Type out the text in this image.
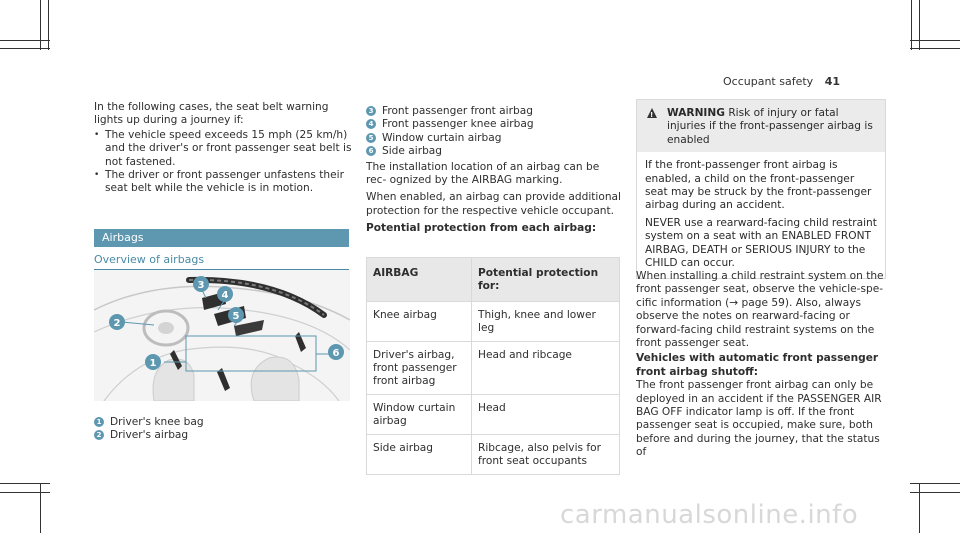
Occupant safety 41

In the following cases, the seat belt warning lights up during a journey if:

• The vehicle speed exceeds 15 mph (25 km/h) and the driver's or front passenger seat belt is not fastened.

• The driver or front passenger unfastens their seat belt while the vehicle is in motion.

Airbags
Overview of airbags
1
2
3
4
5
6

1 Driver's knee bag

2 Driver's airbag

3 Front passenger front airbag

4 Front passenger knee airbag

5 Window curtain airbag

6 Side airbag

The installation location of an airbag can be rec- ognized by the AIRBAG marking.

When enabled, an airbag can provide additional protection for the respective vehicle occupant.

Potential protection from each airbag:

AIRBAG	Potential protection for:
Knee airbag	Thigh, knee and lower leg
Driver's airbag, front passenger front airbag	Head and ribcage
Window curtain airbag	Head
Side airbag	Ribcage, also pelvis for front seat occupants
!
WARNING Risk of injury or fatal injuries if the front-passenger airbag is enabled

If the front-passenger front airbag is enabled, a child on the front-passenger seat may be struck by the front-passenger airbag during an accident.

NEVER use a rearward-facing child restraint system on a seat with an ENABLED FRONT AIRBAG, DEATH or SERIOUS INJURY to the CHILD can occur.

When installing a child restraint system on the front passenger seat, observe the vehicle-spe- cific information (→ page 59). Also, always observe the notes on rearward-facing or forward-facing child restraint systems on the front passenger seat.

Vehicles with automatic front passenger front airbag shutoff:

The front passenger front airbag can only be deployed in an accident if the PASSENGER AIR BAG OFF indicator lamp is off. If the front passenger seat is occupied, make sure, both before and during the journey, that the status of

carmanualsonline.info
